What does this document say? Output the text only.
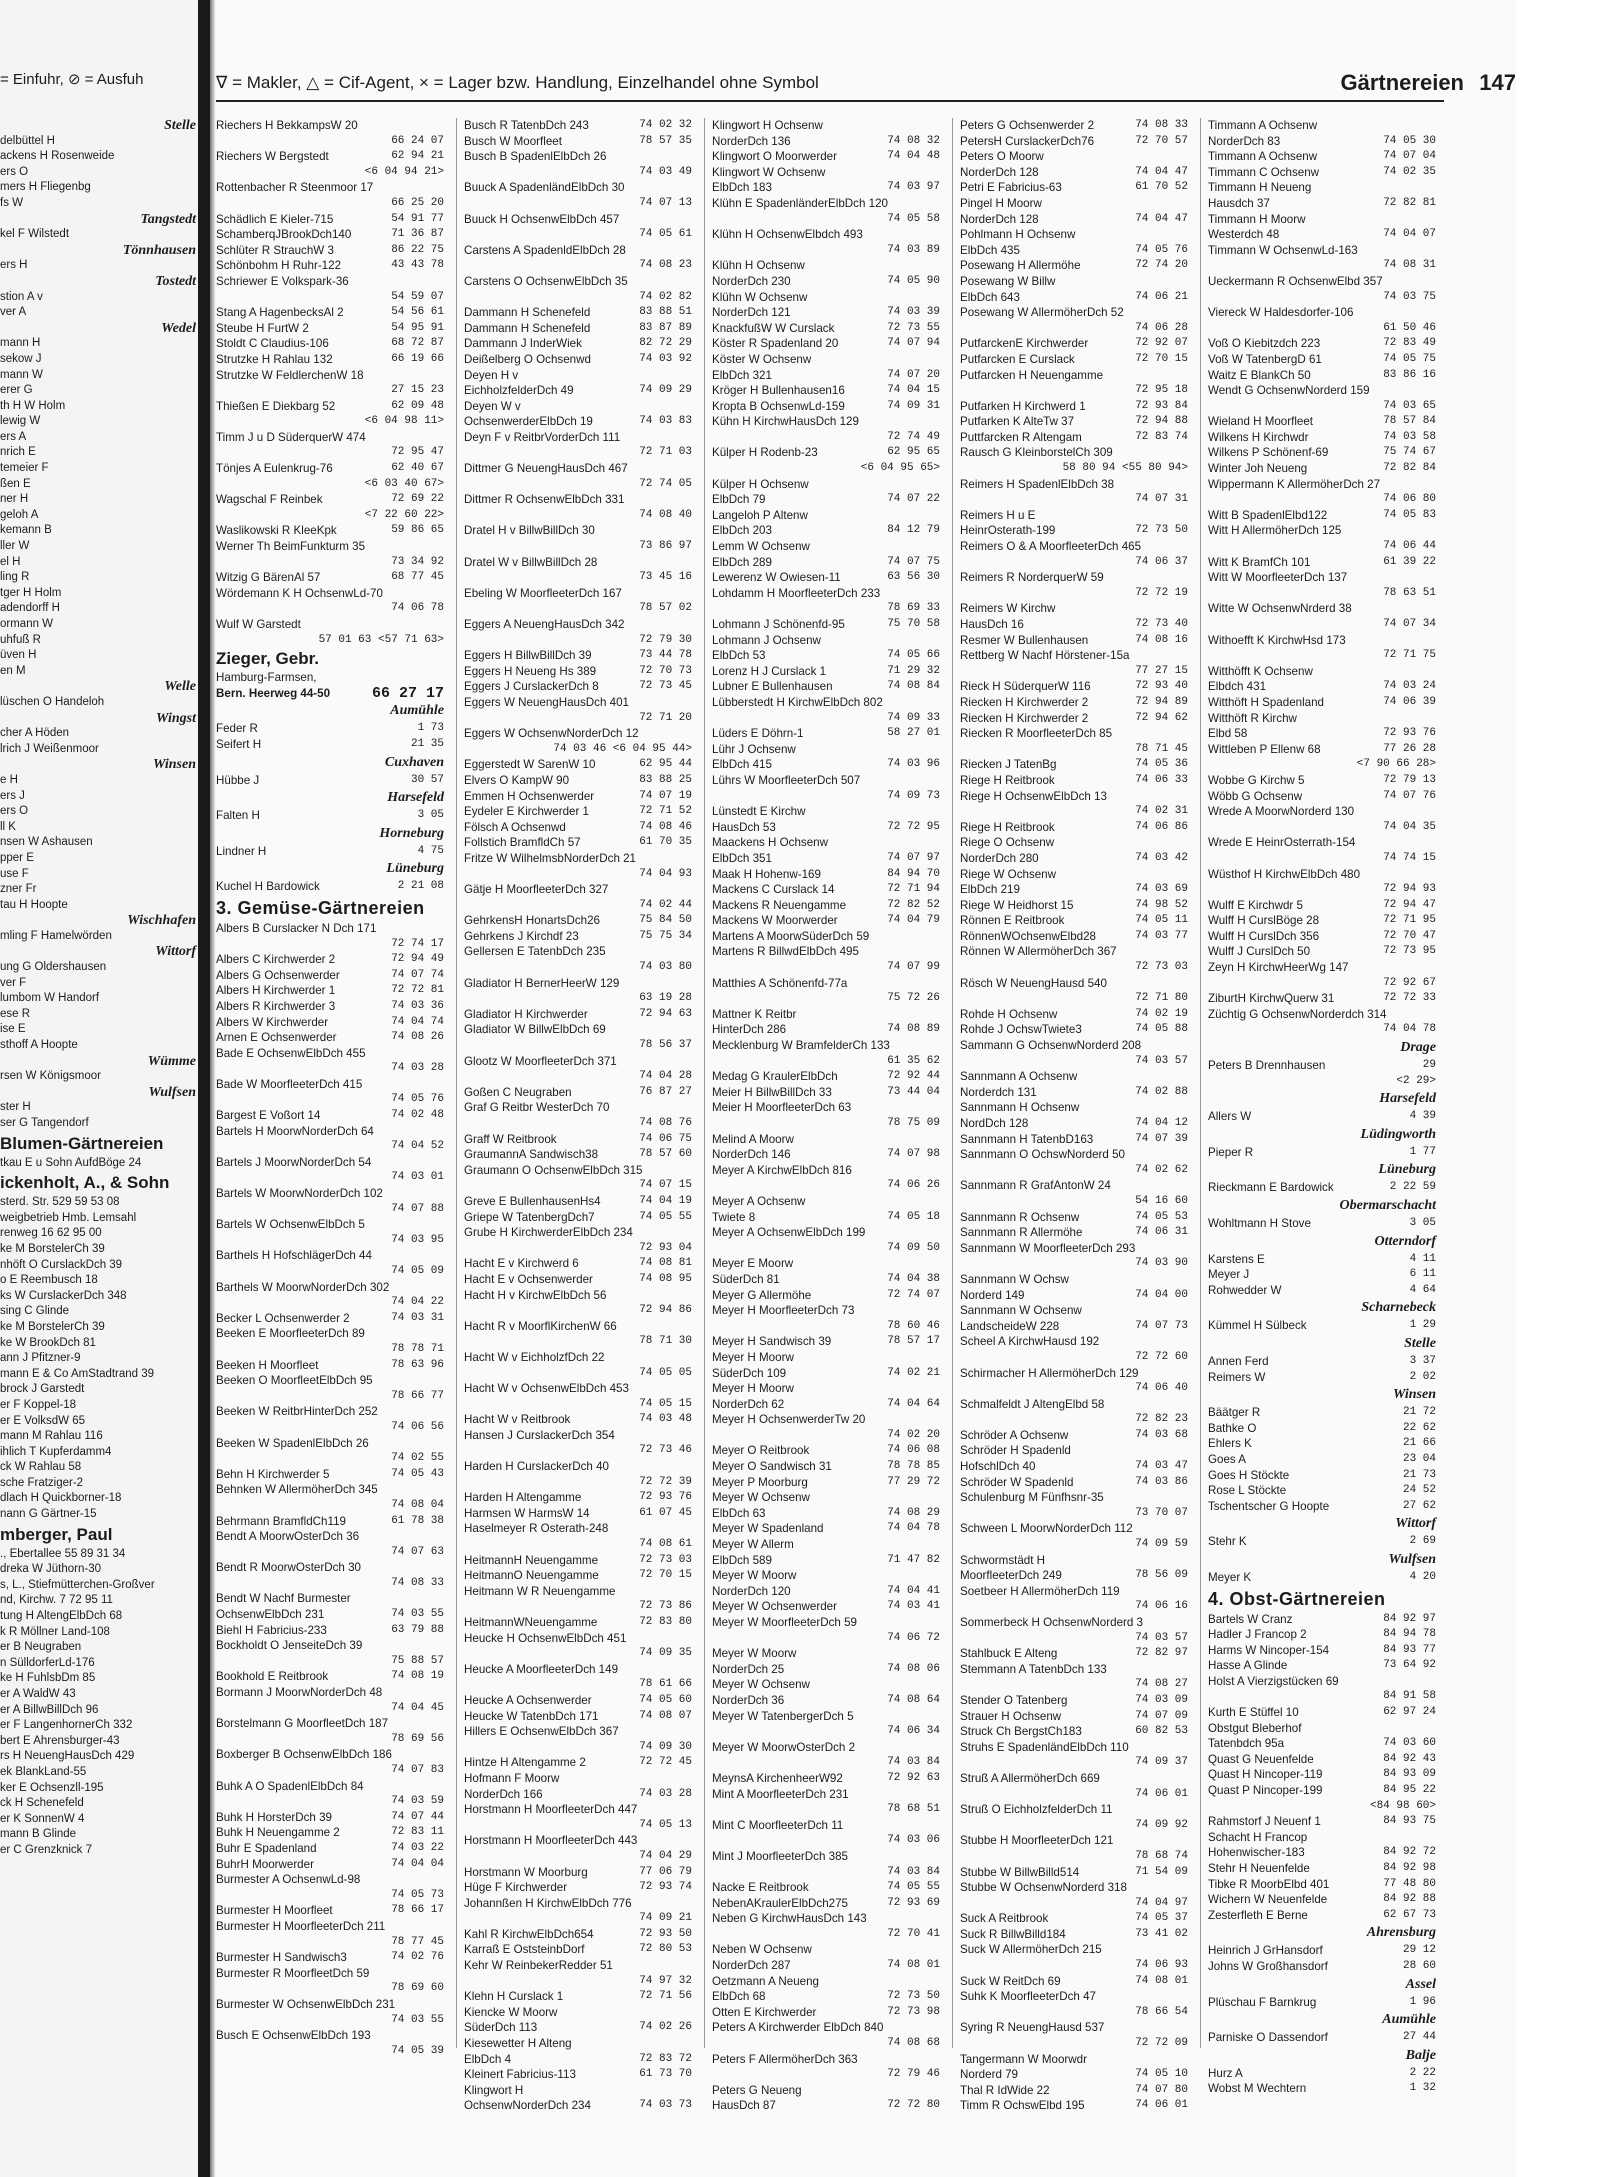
= Einfuhr, ⊘ = Ausfuh
Stelle
delbüttel H
ackens H Rosenweide
ers O
mers H Fliegenbg
fs W
Tangstedt
kel F Wilstedt
Tönnhausen
ers H
Tostedt
stion A v
ver A
Wedel
mann H
sekow J
mann W
erer G
th H W Holm
lewig W
ers A
nrich E
temeier F
ßen E
ner H
geloh A
kemann B
ller W
el H
ling R
tger H Holm
adendorff H
ormann W
uhfuß R
üven H
en M
Welle
lüschen O Handeloh
Wingst
cher A Höden
lrich J Weißenmoor
Winsen
e H
ers J
ers O
ll K
nsen W Ashausen
pper E
use F
zner Fr
tau H Hoopte
Wischhafen
mling F Hamelwörden
Wittorf
ung G Oldershausen
ver F
lumbom W Handorf
ese R
ise E
sthoff A Hoopte
Wümme
rsen W Königsmoor
Wulfsen
ster H
ser G Tangendorf
Blumen-Gärtnereien
tkau E u Sohn AufdBöge 24
ickenholt, A., & Sohn
sterd. Str. 529 59 53 08
weigbetrieb Hmb. Lemsahl
renweg 16 62 95 00
ke M BorstelerCh 39
nhöft O CurslackDch 39
o E Reembusch 18
ks W CurslackerDch 348
sing C Glinde
ke M BorstelerCh 39
ke W BrookDch 81
ann J Pfitzner-9
mann E & Co AmStadtrand 39
brock J Garstedt
er F Koppel-18
er E VolksdW 65
mann M Rahlau 116
ihlich T Kupferdamm4
ck W Rahlau 58
sche Fratziger-2
dlach H Quickborner-18
nann G Gärtner-15
mberger, Paul
., Ebertallee 55 89 31 34
dreka W Jüthorn-30
s, L., Stiefmütterchen-Großver
nd, Kirchw. 7 72 95 11
tung H AltengElbDch 68
k R Möllner Land-108
er B Neugraben
n SülldorferLd-176
ke H FuhlsbDm 85
er A WaldW 43
er A BillwBillDch 96
er F LangenhornerCh 332
bert E Ahrensburger-43
rs H NeuengHausDch 429
ek BlankLand-55
ker E Ochsenzll-195
ck H Schenefeld
er K SonnenW 4
mann B Glinde
er C Grenzknick 7
∇ = Makler, △ = Cif-Agent, × = Lager bzw. Handlung, Einzelhandel ohne Symbol	Gärtnereien 147
Riechers H BekkampsW 20
66 24 07
Riechers W Bergstedt	62 94 21
<6 04 94 21>
Rottenbacher R Steenmoor 17
66 25 20
Schädlich E Kieler-715	54 91 77
SchamberqJBrookDch140	71 36 87
Schlüter R StrauchW 3	86 22 75
Schönbohm H Ruhr-122	43 43 78
Schriewer E Volkspark-36
54 59 07
Stang A HagenbecksAl 2	54 56 61
Steube H FurtW 2	54 95 91
Stoldt C Claudius-106	68 72 87
Strutzke H Rahlau 132	66 19 66
Strutzke W FeldlerchenW 18
27 15 23
Thießen E Diekbarg 52	62 09 48
<6 04 98 11>
Timm J u D SüderquerW 474
72 95 47
Tönjes A Eulenkrug-76	62 40 67
<6 03 40 67>
Wagschal F Reinbek	72 69 22
<7 22 60 22>
Waslikowski R KleeKpk	59 86 65
Werner Th BeimFunkturm 35
73 34 92
Witzig G BärenAl 57	68 77 45
Wördemann K H OchsenwLd-70
74 06 78
Wulf W Garstedt
57 01 63 <57 71 63>
Zieger, Gebr.
Hamburg-Farmsen,
Bern. Heerweg 44-50	66 27 17
Aumühle
Feder R	1 73
Seifert H	21 35
Cuxhaven
Hübbe J	30 57
Harsefeld
Falten H	3 05
Horneburg
Lindner H	4 75
Lüneburg
Kuchel H Bardowick	2 21 08
3. Gemüse-Gärtnereien
Albers B Curslacker N Dch 171
72 74 17
Albers C Kirchwerder 2	72 94 49
Albers G Ochsenwerder	74 07 74
Albers H Kirchwerder 1	72 72 81
Albers R Kirchwerder 3	74 03 36
Albers W Kirchwerder	74 04 74
Arnen E Ochsenwerder	74 08 26
Bade E OchsenwElbDch 455
74 03 28
Bade W MoorfleeterDch 415
74 05 76
Bargest E Voßort 14	74 02 48
Bartels H MoorwNorderDch 64
74 04 52
Bartels J MoorwNorderDch 54
74 03 01
Bartels W MoorwNorderDch 102
74 07 88
Bartels W OchsenwElbDch 5
74 03 95
Barthels H HofschlägerDch 44
74 05 09
Barthels W MoorwNorderDch 302
74 04 22
Becker L Ochsenwerder 2	74 03 31
Beeken E MoorfleeterDch 89
78 78 71
Beeken H Moorfleet	78 63 96
Beeken O MoorfleetElbDch 95
78 66 77
Beeken W ReitbrHinterDch 252
74 06 56
Beeken W SpadenlElbDch 26
74 02 55
Behn H Kirchwerder 5	74 05 43
Behnken W AllermöherDch 345
74 08 04
Behrmann BramfldCh119	61 78 38
Bendt A MoorwOsterDch 36
74 07 63
Bendt R MoorwOsterDch 30
74 08 33
Bendt W Nachf Burmester
OchsenwElbDch 231	74 03 55
Biehl H Fabricius-233	63 79 88
Bockholdt O JenseiteDch 39
75 88 57
Bookhold E Reitbrook	74 08 19
Bormann J MoorwNorderDch 48
74 04 45
Borstelmann G MoorfleetDch 187
78 69 56
Boxberger B OchsenwElbDch 186
74 07 83
Buhk A O SpadenlElbDch 84
74 03 59
Buhk H HorsterDch 39	74 07 44
Buhk H Neuengamme 2	72 83 11
Buhr E Spadenland	74 03 22
BuhrH Moorwerder	74 04 04
Burmester A OchsenwLd-98
74 05 73
Burmester H Moorfleet	78 66 17
Burmester H MoorfleeterDch 211
78 77 45
Burmester H Sandwisch3	74 02 76
Burmester R MoorfleetDch 59
78 69 60
Burmester W OchsenwElbDch 231
74 03 55
Busch E OchsenwElbDch 193
74 05 39
Busch R TatenbDch 243	74 02 32
Busch W Moorfleet	78 57 35
Busch B SpadenlElbDch 26
74 03 49
Buuck A SpadenländElbDch 30
74 07 13
Buuck H OchsenwElbDch 457
74 05 61
Carstens A SpadenldElbDch 28
74 08 23
Carstens O OchsenwElbDch 35
74 02 82
Dammann H Schenefeld	83 88 51
Dammann H Schenefeld	83 87 89
Dammann J InderWiek	82 72 29
Deißelberg O Ochsenwd	74 03 92
Deyen H v
EichholzfelderDch 49	74 09 29
Deyen W v
OchsenwerderElbDch 19	74 03 83
Deyn F v ReitbrVorderDch 111
72 71 03
Dittmer G NeuengHausDch 467
72 74 05
Dittmer R OchsenwElbDch 331
74 08 40
Dratel H v BillwBillDch 30
73 86 97
Dratel W v BillwBillDch 28
73 45 16
Ebeling W MoorfleeterDch 167
78 57 02
Eggers A NeuengHausDch 342
72 79 30
Eggers H BillwBillDch 39	73 44 78
Eggers H Neueng Hs 389	72 70 73
Eggers J CurslackerDch 8	72 73 45
Eggers W NeuengHausDch 401
72 71 20
Eggers W OchsenwNorderDch 12
74 03 46 <6 04 95 44>
Eggerstedt W SarenW 10	62 95 44
Elvers O KampW 90	83 88 25
Emmen H Ochsenwerder	74 07 19
Eydeler E Kirchwerder 1	72 71 52
Fölsch A Ochsenwd	74 08 46
Follstich BramfldCh 57	61 70 35
Fritze W WilhelmsbNorderDch 21
74 04 93
Gätje H MoorfleeterDch 327
74 02 44
GehrkensH HonartsDch26	75 84 50
Gehrkens J Kirchdf 23	75 75 34
Gellersen E TatenbDch 235
74 03 80
Gladiator H BernerHeerW 129
63 19 28
Gladiator H Kirchwerder	72 94 63
Gladiator W BillwElbDch 69
78 56 37
Glootz W MoorfleeterDch 371
74 04 28
Goßen C Neugraben	76 87 27
Graf G Reitbr WesterDch 70
74 08 76
Graff W Reitbrook	74 06 75
GraumannA Sandwisch38	78 57 60
Graumann O OchsenwElbDch 315
74 07 15
Greve E BullenhausenHs4	74 04 19
Griepe W TatenbergDch7	74 05 55
Grube H KirchwerderElbDch 234
72 93 04
Hacht E v Kirchwerd 6	74 08 81
Hacht E v Ochsenwerder	74 08 95
Hacht H v KirchwElbDch 56
72 94 86
Hacht R v MoorflKirchenW 66
78 71 30
Hacht W v EichholzfDch 22
74 05 05
Hacht W v OchsenwElbDch 453
74 05 15
Hacht W v Reitbrook	74 03 48
Hansen J CurslackerDch 354
72 73 46
Harden H CurslackerDch 40
72 72 39
Harden H Altengamme	72 93 76
Harmsen W HarmsW 14	61 07 45
Haselmeyer R Osterath-248
74 08 61
HeitmannH Neuengamme	72 73 03
HeitmannO Neuengamme	72 70 15
Heitmann W R Neuengamme
72 73 86
HeitmannWNeuengamme	72 83 80
Heucke H OchsenwElbDch 451
74 09 35
Heucke A MoorfleeterDch 149
78 61 66
Heucke A Ochsenwerder	74 05 60
Heucke W TatenbDch 171	74 08 07
Hillers E OchsenwElbDch 367
74 09 30
Hintze H Altengamme 2	72 72 45
Hofmann F Moorw
NorderDch 166	74 03 28
Horstmann H MoorfleeterDch 447
74 05 13
Horstmann H MoorfleeterDch 443
74 04 29
Horstmann W Moorburg	77 06 79
Hüge F Kirchwerder	72 93 74
Johannßen H KirchwElbDch 776
74 09 21
Kahl R KirchwElbDch654	72 93 50
Karraß E OststeinbDorf	72 80 53
Kehr W ReinbekerRedder 51
74 97 32
Klehn H Curslack 1	72 71 56
Kiencke W Moorw
SüderDch 113	74 02 26
Kiesewetter H Alteng
ElbDch 4	72 83 72
Kleinert Fabricius-113	61 73 70
Klingwort H
OchsenwNorderDch 234	74 03 73
Klingwort H Ochsenw
NorderDch 136	74 08 32
Klingwort O Moorwerder	74 04 48
Klingwort W Ochsenw
ElbDch 183	74 03 97
Klühn E SpadenländerElbDch 120
74 05 58
Klühn H OchsenwElbdch 493
74 03 89
Klühn H Ochsenw
NorderDch 230	74 05 90
Klühn W Ochsenw
NorderDch 121	74 03 39
KnackfußW W Curslack	72 73 55
Köster R Spadenland 20	74 07 94
Köster W Ochsenw
ElbDch 321	74 07 20
Kröger H Bullenhausen16	74 04 15
Kropta B OchsenwLd-159	74 09 31
Kühn H KirchwHausDch 129
72 74 49
Külper H Rodenb-23	62 95 65
<6 04 95 65>
Külper H Ochsenw
ElbDch 79	74 07 22
Langeloh P Altenw
ElbDch 203	84 12 79
Lemm W Ochsenw
ElbDch 289	74 07 75
Lewerenz W Owiesen-11	63 56 30
Lohdamm H MoorfleeterDch 233
78 69 33
Lohmann J Schönenfd-95	75 70 58
Lohmann J Ochsenw
ElbDch 53	74 05 66
Lorenz H J Curslack 1	71 29 32
Lubner E Bullenhausen	74 08 84
Lübberstedt H KirchwElbDch 802
74 09 33
Lüders E Döhrn-1	58 27 01
Lühr J Ochsenw
ElbDch 415	74 03 96
Lührs W MoorfleeterDch 507
74 09 73
Lünstedt E Kirchw
HausDch 53	72 72 95
Maackens H Ochsenw
ElbDch 351	74 07 97
Maak H Hohenw-169	84 94 70
Mackens C Curslack 14	72 71 94
Mackens R Neuengamme	72 82 52
Mackens W Moorwerder	74 04 79
Martens A MoorwSüderDch 59
Martens R BillwdElbDch 495
74 07 99
Matthies A Schönenfd-77a
75 72 26
Mattner K Reitbr
HinterDch 286	74 08 89
Mecklenburg W BramfelderCh 133
61 35 62
Medag G KraulerElbDch	72 92 44
Meier H BillwBillDch 33	73 44 04
Meier H MoorfleeterDch 63
78 75 09
Melind A Moorw
NorderDch 146	74 07 98
Meyer A KirchwElbDch 816
74 06 26
Meyer A Ochsenw
Twiete 8	74 05 18
Meyer A OchsenwElbDch 199
74 09 50
Meyer E Moorw
SüderDch 81	74 04 38
Meyer G Allermöhe	72 74 07
Meyer H MoorfleeterDch 73
78 60 46
Meyer H Sandwisch 39	78 57 17
Meyer H Moorw
SüderDch 109	74 02 21
Meyer H Moorw
NorderDch 62	74 04 64
Meyer H OchsenwerderTw 20
74 02 20
Meyer O Reitbrook	74 06 08
Meyer O Sandwisch 31	78 78 85
Meyer P Moorburg	77 29 72
Meyer W Ochsenw
ElbDch 63	74 08 29
Meyer W Spadenland	74 04 78
Meyer W Allerm
ElbDch 589	71 47 82
Meyer W Moorw
NorderDch 120	74 04 41
Meyer W Ochsenwerder	74 03 41
Meyer W MoorfleeterDch 59
74 06 72
Meyer W Moorw
NorderDch 25	74 08 06
Meyer W Ochsenw
NorderDch 36	74 08 64
Meyer W TatenbergerDch 5
74 06 34
Meyer W MoorwOsterDch 2
74 03 84
MeynsA KirchenheerW92	72 92 63
Mint A MoorfleeterDch 231
78 68 51
Mint C MoorfleeterDch 11
74 03 06
Mint J MoorfleeterDch 385
74 03 84
Nacke E Reitbrook	74 05 55
NebenAKraulerElbDch275	72 93 69
Neben G KirchwHausDch 143
72 70 41
Neben W Ochsenw
NorderDch 287	74 08 01
Oetzmann A Neueng
ElbDch 68	72 73 50
Otten E Kirchwerder	72 73 98
Peters A Kirchwerder ElbDch 840
74 08 68
Peters F AllermöherDch 363
72 79 46
Peters G Neueng
HausDch 87	72 72 80
Peters G Ochsenwerder 2	74 08 33
PetersH CurslackerDch76	72 70 57
Peters O Moorw
NorderDch 128	74 04 47
Petri E Fabricius-63	61 70 52
Pingel H Moorw
NorderDch 128	74 04 47
Pohlmann H Ochsenw
ElbDch 435	74 05 76
Posewang H Allermöhe	72 74 20
Posewang W Billw
ElbDch 643	74 06 21
Posewang W AllermöherDch 52
74 06 28
PutfarckenE Kirchwerder	72 92 07
Putfarcken E Curslack	72 70 15
Putfarcken H Neuengamme
72 95 18
Putfarken H Kirchwerd 1	72 93 84
Putfarken K AlteTw 37	72 94 88
Puttfarcken R Altengam	72 83 74
Rausch G KleinborstelCh 309
58 80 94 <55 80 94>
Reimers H SpadenlElbDch 38
74 07 31
Reimers H u E
HeinrOsterath-199	72 73 50
Reimers O & A MoorfleeterDch 465
74 06 37
Reimers R NorderquerW 59
72 72 19
Reimers W Kirchw
HausDch 16	72 73 40
Resmer W Bullenhausen	74 08 16
Rettberg W Nachf Hörstener-15a
77 27 15
Rieck H SüderquerW 116	72 93 40
Riecken H Kirchwerder 2	72 94 89
Riecken H Kirchwerder 2	72 94 62
Riecken R MoorfleeterDch 85
78 71 45
Riecken J TatenBg	74 05 36
Riege H Reitbrook	74 06 33
Riege H OchsenwElbDch 13
74 02 31
Riege H Reitbrook	74 06 86
Riege O Ochsenw
NorderDch 280	74 03 42
Riege W Ochsenw
ElbDch 219	74 03 69
Riege W Heidhorst 15	74 98 52
Rönnen E Reitbrook	74 05 11
RönnenWOchsenwElbd28	74 03 77
Rönnen W AllermöherDch 367
72 73 03
Rösch W NeuengHausd 540
72 71 80
Rohde H Ochsenw	74 02 19
Rohde J OchswTwiete3	74 05 88
Sammann G OchsenwNorderd 208
74 03 57
Sannmann A Ochsenw
Norderdch 131	74 02 88
Sannmann H Ochsenw
NordDch 128	74 04 12
Sannmann H TatenbD163	74 07 39
Sannmann O OchswNorderd 50
74 02 62
Sannmann R GrafAntonW 24
54 16 60
Sannmann R Ochsenw	74 05 53
Sannmann R Allermöhe	74 06 31
Sannmann W MoorfleeterDch 293
74 03 90
Sannmann W Ochsw
Norderd 149	74 04 00
Sannmann W Ochsenw
LandscheideW 228	74 07 73
Scheel A KirchwHausd 192
72 72 60
Schirmacher H AllermöherDch 129
74 06 40
Schmalfeldt J AltengElbd 58
72 82 23
Schröder A Ochsenw	74 03 68
Schröder H Spadenld
HofschlDch 40	74 03 47
Schröder W Spadenld	74 03 86
Schulenburg M Fünfhsnr-35
73 70 07
Schween L MoorwNorderDch 112
74 09 59
Schwormstädt H
MoorfleeterDch 249	78 56 09
Soetbeer H AllermöherDch 119
74 06 16
Sommerbeck H OchsenwNorderd 3
74 03 57
Stahlbuck E Alteng	72 82 97
Stemmann A TatenbDch 133
74 08 27
Stender O Tatenberg	74 03 09
Strauer H Ochsenw	74 07 09
Struck Ch BergstCh183	60 82 53
Struhs E SpadenländElbDch 110
74 09 37
Struß A AllermöherDch 669
74 06 01
Struß O EichholzfelderDch 11
74 09 92
Stubbe H MoorfleeterDch 121
78 68 74
Stubbe W BillwBilld514	71 54 09
Stubbe W OchsenwNorderd 318
74 04 97
Suck A Reitbrook	74 05 37
Suck R BillwBilld184	73 41 02
Suck W AllermöherDch 215
74 06 93
Suck W ReitDch 69	74 08 01
Suhk K MoorfleeterDch 47
78 66 54
Syring R NeuengHausd 537
72 72 09
Tangermann W Moorwdr
Norderd 79	74 05 10
Thal R IdWide 22	74 07 80
Timm R OchswElbd 195	74 06 01
Timmann A Ochsenw
NorderDch 83	74 05 30
Timmann A Ochsenw	74 07 04
Timmann C Ochsenw	74 02 35
Timmann H Neueng
Hausdch 37	72 82 81
Timmann H Moorw
Westerdch 48	74 04 07
Timmann W OchsenwLd-163
74 08 31
Ueckermann R OchsenwElbd 357
74 03 75
Viereck W Haldesdorfer-106
61 50 46
Voß O Kiebitzdch 223	72 83 49
Voß W TatenbergD 61	74 05 75
Waitz E BlankCh 50	83 86 16
Wendt G OchsenwNorderd 159
74 03 65
Wieland H Moorfleet	78 57 84
Wilkens H Kirchwdr	74 03 58
Wilkens P Schönenf-69	75 74 67
Winter Joh Neueng	72 82 84
Wippermann K AllermöherDch 27
74 06 80
Witt B SpadenlElbd122	74 05 83
Witt H AllermöherDch 125
74 06 44
Witt K BramfCh 101	61 39 22
Witt W MoorfleeterDch 137
78 63 51
Witte W OchsenwNrderd 38
74 07 34
Withoefft K KirchwHsd 173
72 71 75
Witthöfft K Ochsenw
Elbdch 431	74 03 24
Witthöft H Spadenland	74 06 39
Witthöft R Kirchw
Elbd 58	72 93 76
Wittleben P Ellenw 68	77 26 28
<7 90 66 28>
Wobbe G Kirchw 5	72 79 13
Wöbb G Ochsenw	74 07 76
Wrede A MoorwNorderd 130
74 04 35
Wrede E HeinrOsterrath-154
74 74 15
Wüsthof H KirchwElbDch 480
72 94 93
Wulff E Kirchwdr 5	72 94 47
Wulff H CurslBöge 28	72 71 95
Wulff H CurslDch 356	72 70 47
Wulff J CurslDch 50	72 73 95
Zeyn H KirchwHeerWg 147
72 92 67
ZiburtH KirchwQuerw 31	72 72 33
Züchtig G OchsenwNorderdch 314
74 04 78
Drage
Peters B Drennhausen	29
<2 29>
Harsefeld
Allers W	4 39
Lüdingworth
Pieper R	1 77
Lüneburg
Rieckmann E Bardowick	2 22 59
Obermarschacht
Wohltmann H Stove	3 05
Otterndorf
Karstens E	4 11
Meyer J	6 11
Rohwedder W	4 64
Scharnebeck
Kümmel H Sülbeck	1 29
Stelle
Annen Ferd	3 37
Reimers W	2 02
Winsen
Bäätger R	21 72
Bathke O	22 62
Ehlers K	21 66
Goes A	23 04
Goes H Stöckte	21 73
Rose L Stöckte	24 52
Tschentscher G Hoopte	27 62
Wittorf
Stehr K	2 69
Wulfsen
Meyer K	4 20
4. Obst-Gärtnereien
Bartels W Cranz	84 92 97
Hadler J Francop 2	84 94 78
Harms W Nincoper-154	84 93 77
Hasse A Glinde	73 64 92
Holst A Vierzigstücken 69
84 91 58
Kurth E Stüffel 10	62 97 24
Obstgut Bleberhof
Tatenbdch 95a	74 03 60
Quast G Neuenfelde	84 92 43
Quast H Nincoper-119	84 93 09
Quast P Nincoper-199	84 95 22
<84 98 60>
Rahmstorf J Neuenf 1	84 93 75
Schacht H Francop
Hohenwischer-183	84 92 72
Stehr H Neuenfelde	84 92 98
Tibke R MoorbElbd 401	77 48 80
Wichern W Neuenfelde	84 92 88
Zesterfleth E Berne	62 67 73
Ahrensburg
Heinrich J GrHansdorf	29 12
Johns W Großhansdorf	28 60
Assel
Plüschau F Barnkrug	1 96
Aumühle
Parniske O Dassendorf	27 44
Balje
Hurz A	2 22
Wobst M Wechtern	1 32
